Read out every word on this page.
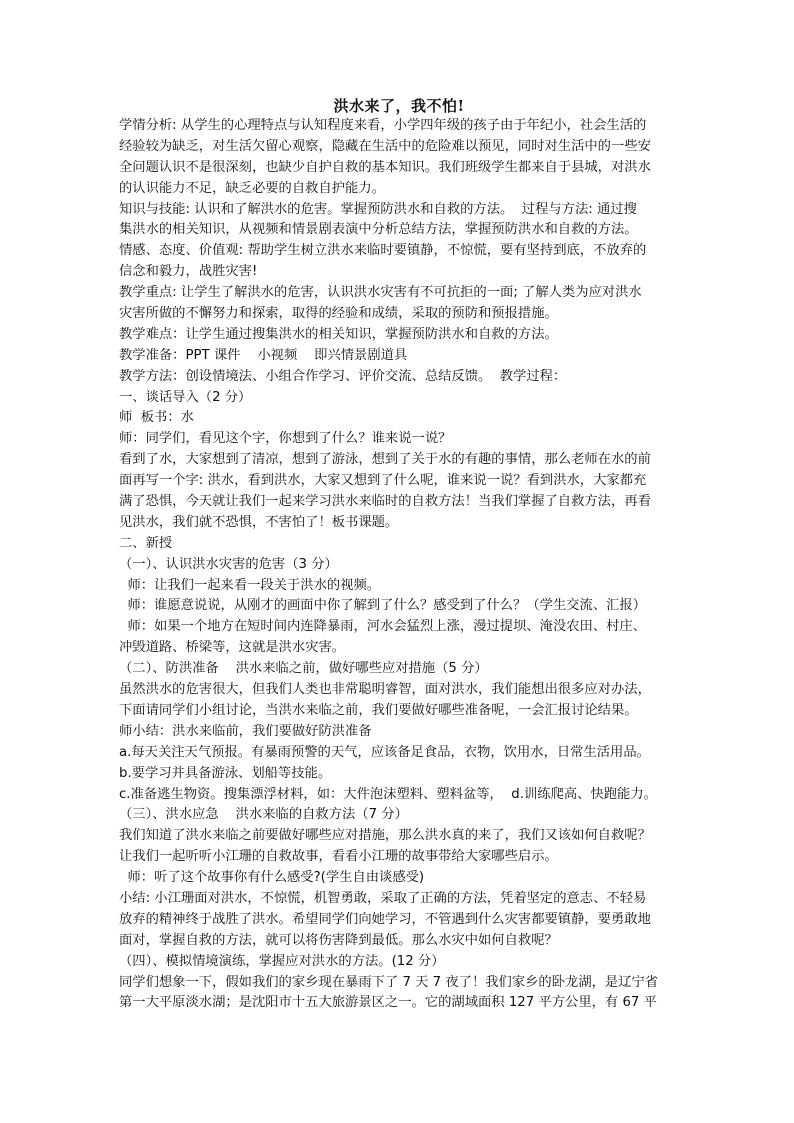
洪水来了，我不怕!
学情分析: 从学生的心理特点与认知程度来看，小学四年级的孩子由于年纪小，社会生活的
经验较为缺乏，对生活欠留心观察，隐藏在生活中的危险难以预见，同时对生活中的一些安
全问题认识不是很深刻，也缺少自护自救的基本知识。我们班级学生都来自于县城，对洪水
的认识能力不足，缺乏必要的自救自护能力。
知识与技能: 认识和了解洪水的危害。掌握预防洪水和自救的方法。  过程与方法: 通过搜
集洪水的相关知识，从视频和情景剧表演中分析总结方法，掌握预防洪水和自救的方法。
情感、态度、价值观: 帮助学生树立洪水来临时要镇静，不惊慌，要有坚持到底，不放弃的
信念和毅力，战胜灾害!
教学重点: 让学生了解洪水的危害，认识洪水灾害有不可抗拒的一面; 了解人类为应对洪水
灾害所做的不懈努力和探索，取得的经验和成绩，采取的预防和预报措施。
教学难点：让学生通过搜集洪水的相关知识，掌握预防洪水和自救的方法。
教学准备：PPT 课件    小视频    即兴情景剧道具
教学方法：创设情境法、小组合作学习、评价交流、总结反馈。  教学过程：
一、谈话导入（2 分）
师  板书：水
师：同学们，看见这个字，你想到了什么？谁来说一说？
看到了水，大家想到了清凉，想到了游泳，想到了关于水的有趣的事情，那么老师在水的前
面再写一个字: 洪水，看到洪水，大家又想到了什么呢，谁来说一说？看到洪水，大家都充
满了恐惧，今天就让我们一起来学习洪水来临时的自救方法！当我们掌握了自救方法，再看
见洪水，我们就不恐惧，不害怕了！板书课题。
二、新授
（一）、认识洪水灾害的危害（3 分）
师：让我们一起来看一段关于洪水的视频。
师：谁愿意说说，从刚才的画面中你了解到了什么？感受到了什么？（学生交流、汇报）
师：如果一个地方在短时间内连降暴雨，河水会猛烈上涨，漫过提坝、淹没农田、村庄、
冲毁道路、桥梁等，这就是洪水灾害。
（二）、防洪准备    洪水来临之前，做好哪些应对措施（5 分）
虽然洪水的危害很大，但我们人类也非常聪明睿智，面对洪水，我们能想出很多应对办法，
下面请同学们小组讨论，当洪水来临之前，我们要做好哪些准备呢，一会汇报讨论结果。
师小结：洪水来临前，我们要做好防洪准备
a.每天关注天气预报。有暴雨预警的天气，应该备足食品，衣物，饮用水，日常生活用品。
b.要学习并具备游泳、划船等技能。
c.准备逃生物资。搜集漂浮材料，如：大件泡沫塑料、塑料盆等，  d.训练爬高、快跑能力。
（三）、洪水应急    洪水来临的自救方法（7 分）
我们知道了洪水来临之前要做好哪些应对措施，那么洪水真的来了，我们又该如何自救呢？
让我们一起听听小江珊的自救故事，看看小江珊的故事带给大家哪些启示。
师：听了这个故事你有什么感受?(学生自由谈感受)
小结: 小江珊面对洪水，不惊慌，机智勇敢，采取了正确的方法，凭着坚定的意志、不轻易
放弃的精神终于战胜了洪水。希望同学们向她学习，不管遇到什么灾害都要镇静，要勇敢地
面对，掌握自救的方法，就可以将伤害降到最低。那么水灾中如何自救呢？
（四）、模拟情境演练，掌握应对洪水的方法。(12 分）
同学们想象一下，假如我们的家乡现在暴雨下了 7 天 7 夜了！我们家乡的卧龙湖，是辽宁省
第一大平原淡水湖；是沈阳市十五大旅游景区之一。它的湖域面积 127 平方公里，有 67 平
